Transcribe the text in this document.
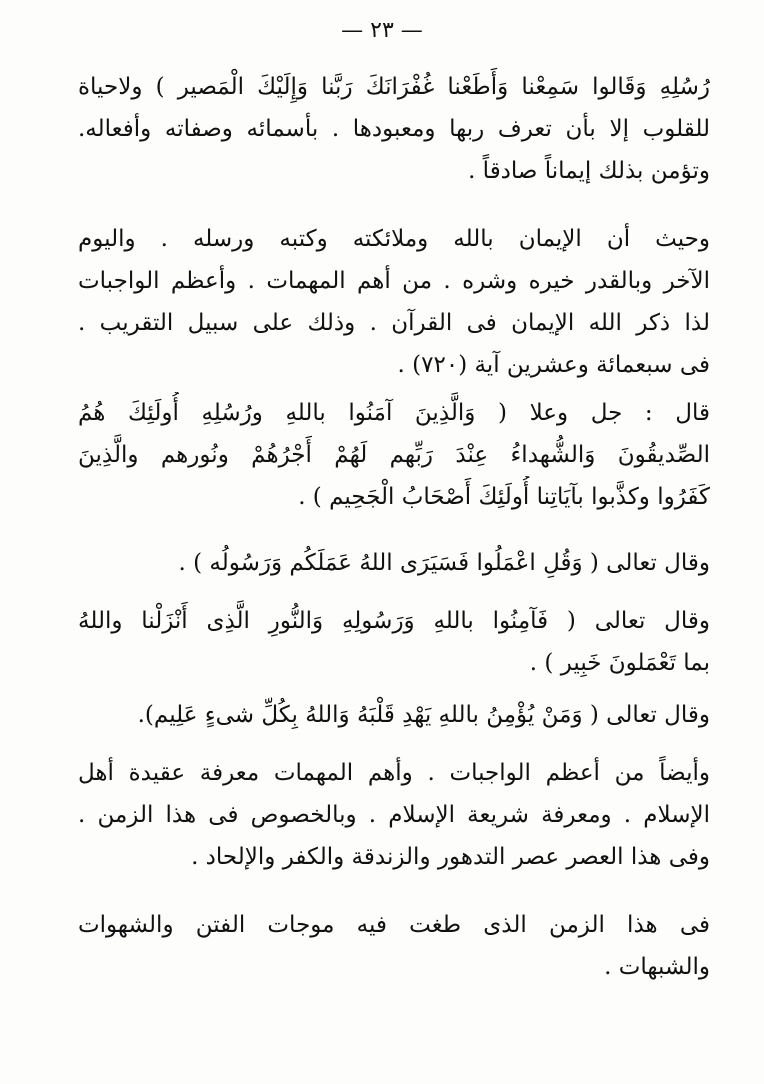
— ٢٣ —
رُسُلِهِ وَقَالوا سَمِعْنا وَأَطَعْنا غُفْرَانَكَ رَبَّنا وَإِلَيْكَ الْمَصير ) ولاحياة
للقلوب إلا بأن تعرف ربها ومعبودها . بأسمائه وصفاته وأفعاله.
وتؤمن بذلك إيماناً صادقاً .
وحيث أن الإيمان بالله وملائكته وكتبه ورسله . واليوم
الآخر وبالقدر خيره وشره . من أهم المهمات . وأعظم الواجبات
لذا ذكر الله الإيمان فى القرآن . وذلك على سبيل التقريب .
فى سبعمائة وعشرين آية (٧٢٠) .
قال : جل وعلا ( وَالَّذِينَ آمَنُوا باللهِ ورُسُلِهِ أُولَئِكَ هُمُ
الصِّديقُونَ وَالشُّهداءُ عِنْدَ رَبِّهم لَهُمْ أَجْرُهُمْ ونُورهم والَّذِينَ
كَفَرُوا وكذَّبوا بآيَاتِنا أُولَئِكَ أَصْحَابُ الْجَحِيم ) .
وقال تعالى ( وَقُلِ اعْمَلُوا فَسَيَرَى اللهُ عَمَلَكُم وَرَسُولُه ) .
وقال تعالى ( فَآمِنُوا باللهِ وَرَسُولِهِ وَالنُّورِ الَّذِى أَنْزَلْنا واللهُ
بما تَعْمَلونَ خَبِير ) .
وقال تعالى ( وَمَنْ يُؤْمِنُ باللهِ يَهْدِ قَلْبَهُ وَاللهُ بِكُلِّ شىءٍ عَلِيم).
وأيضاً من أعظم الواجبات . وأهم المهمات معرفة عقيدة أهل
الإسلام . ومعرفة شريعة الإسلام . وبالخصوص فى هذا الزمن .
وفى هذا العصر عصر التدهور والزندقة والكفر والإلحاد .
فى هذا الزمن الذى طغت فيه موجات الفتن والشهوات
والشبهات .
